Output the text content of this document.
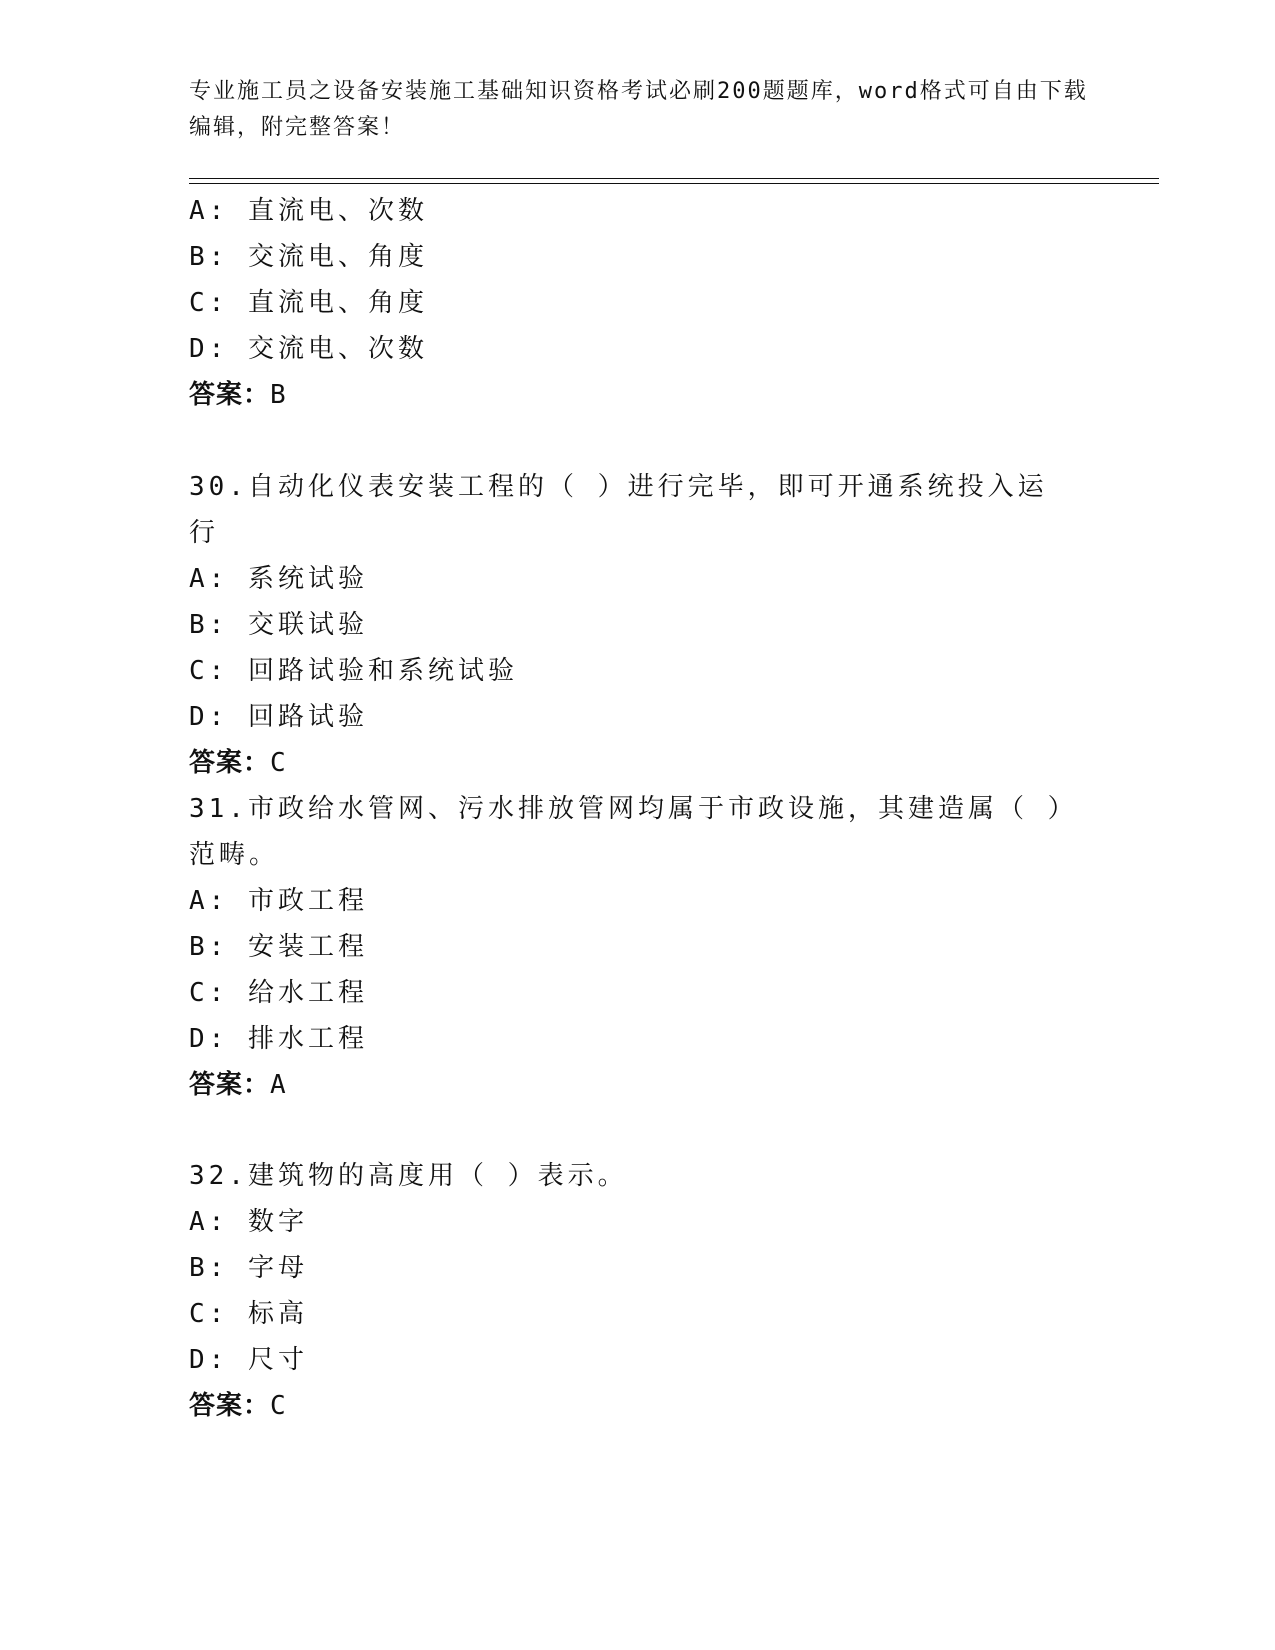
专业施工员之设备安装施工基础知识资格考试必刷200题题库，word格式可自由下载编辑，附完整答案！
A: 直流电、次数
B: 交流电、角度
C: 直流电、角度
D: 交流电、次数
答案：B
30.自动化仪表安装工程的（ ）进行完毕，即可开通系统投入运行
A: 系统试验
B: 交联试验
C: 回路试验和系统试验
D: 回路试验
答案：C
31.市政给水管网、污水排放管网均属于市政设施，其建造属（ ）范畴。
A: 市政工程
B: 安装工程
C: 给水工程
D: 排水工程
答案：A
32.建筑物的高度用（ ）表示。
A: 数字
B: 字母
C: 标高
D: 尺寸
答案：C
